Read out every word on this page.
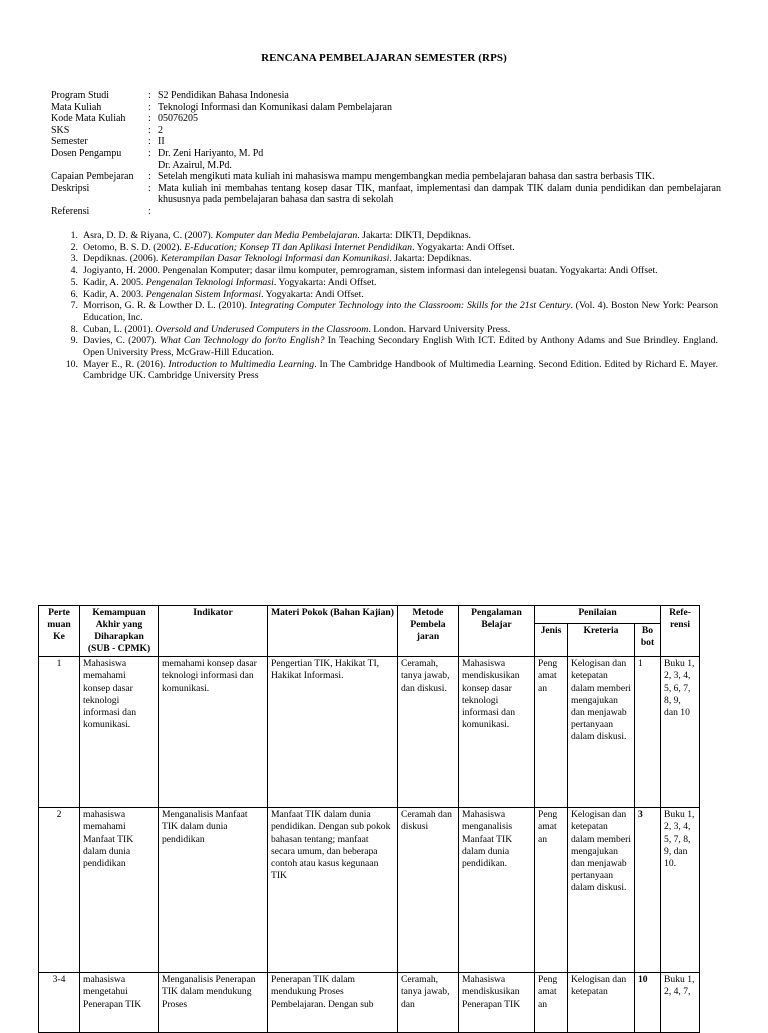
RENCANA PEMBELAJARAN SEMESTER (RPS)
Program Studi	: S2 Pendidikan Bahasa Indonesia
Mata Kuliah	: Teknologi Informasi dan Komunikasi dalam Pembelajaran
Kode Mata Kuliah	: 05076205
SKS	: 2
Semester	: II
Dosen Pengampu	: Dr. Zeni Hariyanto, M. Pd
Dr. Azairul, M.Pd.
Capaian Pembejaran	: Setelah mengikuti mata kuliah ini mahasiswa mampu mengembangkan media pembelajaran bahasa dan sastra berbasis TIK.
Deskripsi	: Mata kuliah ini membahas tentang kosep dasar TIK, manfaat, implementasi dan dampak TIK dalam dunia pendidikan dan pembelajaran khususnya pada pembelajaran bahasa dan sastra di sekolah
Referensi	:
1. Asra, D. D. & Riyana, C. (2007). Komputer dan Media Pembelajaran. Jakarta: DIKTI, Depdiknas.
2. Oetomo, B. S. D. (2002). E-Education; Konsep TI dan Aplikasi Internet Pendidikan. Yogyakarta: Andi Offset.
3. Depdiknas. (2006). Keterampilan Dasar Teknologi Informasi dan Komunikasi. Jakarta: Depdiknas.
4. Jogiyanto, H. 2000. Pengenalan Komputer; dasar ilmu komputer, pemrograman, sistem informasi dan intelegensi buatan. Yogyakarta: Andi Offset.
5. Kadir, A. 2005. Pengenalan Teknologi Informasi. Yogyakarta: Andi Offset.
6. Kadir, A. 2003. Pengenalan Sistem Informasi. Yogyakarta: Andi Offset.
7. Morrison, G. R. & Lowther D. L. (2010). Integrating Computer Technology into the Classroom: Skills for the 21st Century. (Vol. 4). Boston New York: Pearson Education, Inc.
8. Cuban, L. (2001). Oversold and Underused Computers in the Classroom. London. Harvard University Press.
9. Davies, C. (2007). What Can Technology do for/to English? In Teaching Secondary English With ICT. Edited by Anthony Adams and Sue Brindley. England. Open University Press, McGraw-Hill Education.
10. Mayer E., R. (2016). Introduction to Multimedia Learning. In The Cambridge Handbook of Multimedia Learning. Second Edition. Edited by Richard E. Mayer. Cambridge UK. Cambridge University Press
Perte muan Ke	Kemampuan Akhir yang Diharapkan (SUB - CPMK)	Indikator	Materi Pokok (Bahan Kajian)	Metode Pembela jaran	Pengalaman Belajar	Penilaian			Refe- rensi
						Jenis	Kreteria	Bo bot	
1	Mahasiswa memahami konsep dasar teknologi informasi dan komunikasi.	memahami konsep dasar teknologi informasi dan komunikasi.	Pengertian TIK, Hakikat TI, Hakikat Informasi.	Ceramah, tanya jawab, dan diskusi.	Mahasiswa mendiskusikan konsep dasar teknologi informasi dan komunikasi.	Peng amat an	Kelogisan dan ketepatan dalam memberi mengajukan dan menjawab pertanyaan dalam diskusi.	1	Buku 1, 2, 3, 4, 5, 6, 7, 8, 9, dan 10
2	mahasiswa memahami Manfaat TIK dalam dunia pendidikan	Menganalisis Manfaat TIK dalam dunia pendidikan	Manfaat TIK dalam dunia pendidikan. Dengan sub pokok bahasan tentang; manfaat secara umum, dan beberapa contoh atau kasus kegunaan TIK	Ceramah dan diskusi	Mahasiswa menganalisis Manfaat TIK dalam dunia pendidikan.	Peng amat an	Kelogisan dan ketepatan dalam memberi mengajukan dan menjawab pertanyaan dalam diskusi.	3	Buku 1, 2, 3, 4, 5, 7, 8, 9, dan 10.
3-4	mahasiswa mengetahui Penerapan TIK	Menganalisis Penerapan TIK dalam mendukung Proses	Penerapan TIK dalam mendukung Proses Pembelajaran. Dengan sub	Ceramah, tanya jawab, dan	Mahasiswa mendiskusikan Penerapan TIK	Peng amat an	Kelogisan dan ketepatan	10	Buku 1, 2, 4, 7,
